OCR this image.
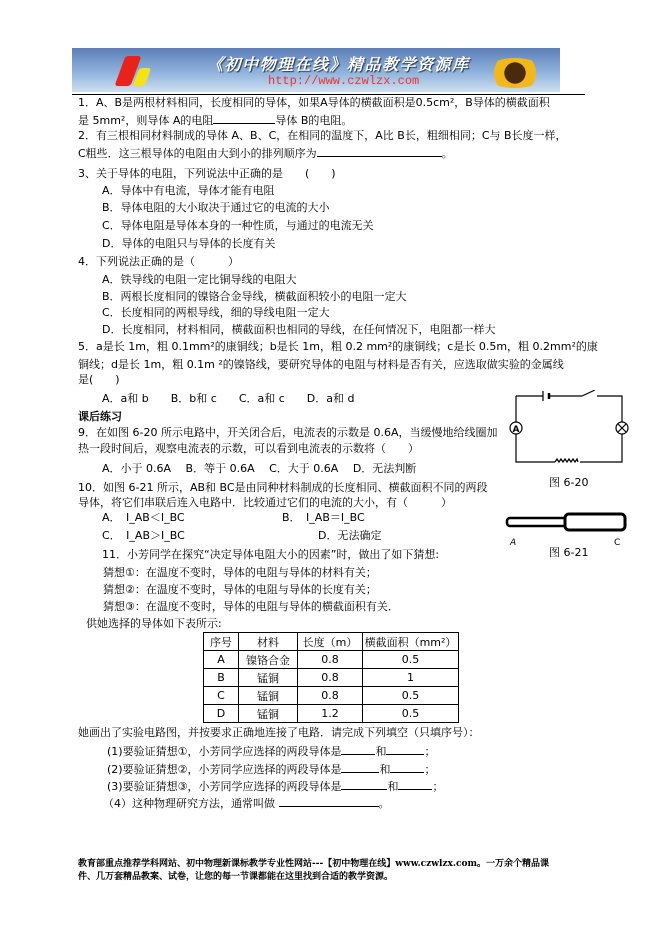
《初中物理在线》精品教学资源库
http://www.czwlzx.com
1．A、B是两根材料相同，长度相同的导体，如果A导体的横截面积是0.5cm²，B导体的横截面积
是 5mm²，则导体 A的电阻	导体 B的电阻。
2．有三根相同材料制成的导体 A、B、C，在相同的温度下，A比 B长，粗细相同；C与 B长度一样，
C粗些．这三根导体的电阻由大到小的排列顺序为	。
3、关于导体的电阻，下列说法中正确的是　　(　　)
A．导体中有电流，导体才能有电阻
B．导体电阻的大小取决于通过它的电流的大小
C．导体电阻是导体本身的一种性质，与通过的电流无关
D．导体的电阻只与导体的长度有关
4．下列说法正确的是（　　　）
A．铁导线的电阻一定比铜导线的电阻大
B．两根长度相同的镍铬合金导线，横截面积较小的电阻一定大
C．长度相同的两根导线，细的导线电阻一定大
D．长度相同，材料相同，横截面积也相同的导线，在任何情况下，电阻都一样大
5．a是长 1m，粗 0.1mm²的康铜线；b是长 1m，粗 0.2 mm²的康铜线；c是长 0.5m，粗 0.2mm²的康
铜线；d是长 1m，粗 0.1m ²的镍铬线，要研究导体的电阻与材料是否有关，应选取做实验的金属线
是(　　)
A．a和 b　　 B．b和 c　　 C．a和 c　　 D．a和 d
课后练习
9．在如图 6-20 所示电路中，开关闭合后，电流表的示数是 0.6A，当缓慢地给线圈加
热一段时间后，观察电流表的示数，可以看到电流表的示数将（　　）
A．小于 0.6A　 B．等于 0.6A　 C．大于 0.6A　 D．无法判断
10．如图 6-21 所示，AB和 BC是由同种材料制成的长度相同、横截面积不同的两段
导体，将它们串联后连入电路中．比较通过它们的电流的大小，有（　　　）
A．　I_AB＜I_BC	B．　I_AB＝I_BC
C．　I_AB＞I_BC	D．无法确定
A
图 6-20
A	C
图 6-21
11．小芳同学在探究“决定导体电阻大小的因素”时，做出了如下猜想:
猜想①：在温度不变时，导体的电阻与导体的材料有关；
猜想②：在温度不变时，导体的电阻与导体的长度有关；
猜想③：在温度不变时，导体的电阻与导体的横截面积有关．
供她选择的导体如下表所示:
序号	材料	长度（m）	横截面积（mm²）
A	镍铬合金	0.8	0.5
B	锰铜	0.8	1
C	锰铜	0.8	0.5
D	锰铜	1.2	0.5
她画出了实验电路图，并按要求正确地连接了电路．请完成下列填空（只填序号）：
(1)要验证猜想①，小芳同学应选择的两段导体是	和	；
(2)要验证猜想②，小芳同学应选择的两段导体是	和	；
(3)要验证猜想③，小芳同学应选择的两段导体是	和	；
（4）这种物理研究方法，通常叫做	。
教育部重点推荐学科网站、初中物理新课标教学专业性网站---【初中物理在线】www.czwlzx.com。一万余个精品课
件、几万套精品教案、试卷，让您的每一节课都能在这里找到合适的教学资源。
